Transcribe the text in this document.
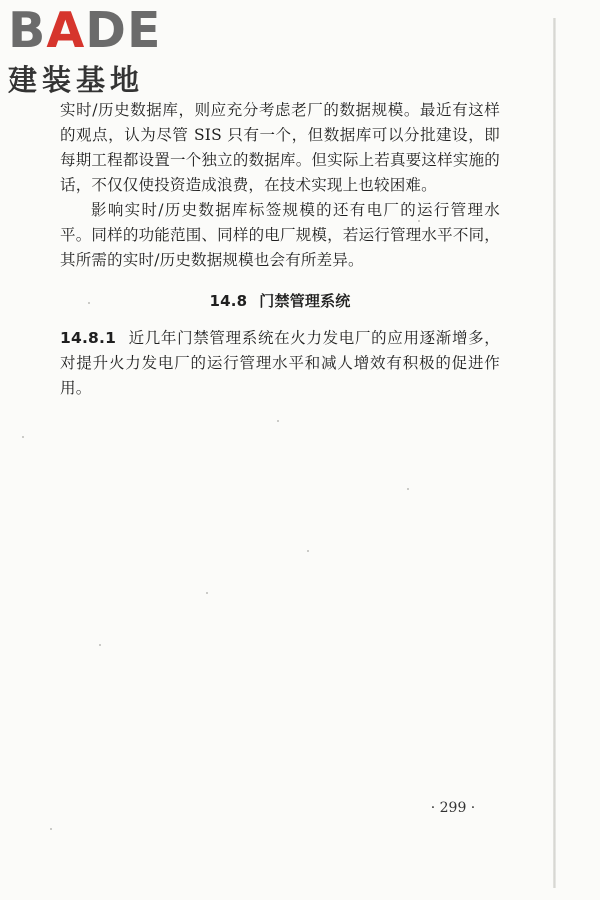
BADE
建装基地

实时/历史数据库，则应充分考虑老厂的数据规模。最近有这样的观点，认为尽管 SIS 只有一个，但数据库可以分批建设，即每期工程都设置一个独立的数据库。但实际上若真要这样实施的话，不仅仅使投资造成浪费，在技术实现上也较困难。

影响实时/历史数据库标签规模的还有电厂的运行管理水平。同样的功能范围、同样的电厂规模，若运行管理水平不同，其所需的实时/历史数据规模也会有所差异。

14.8 门禁管理系统

14.8.1 近几年门禁管理系统在火力发电厂的应用逐渐增多，对提升火力发电厂的运行管理水平和减人增效有积极的促进作用。

· 299 ·
